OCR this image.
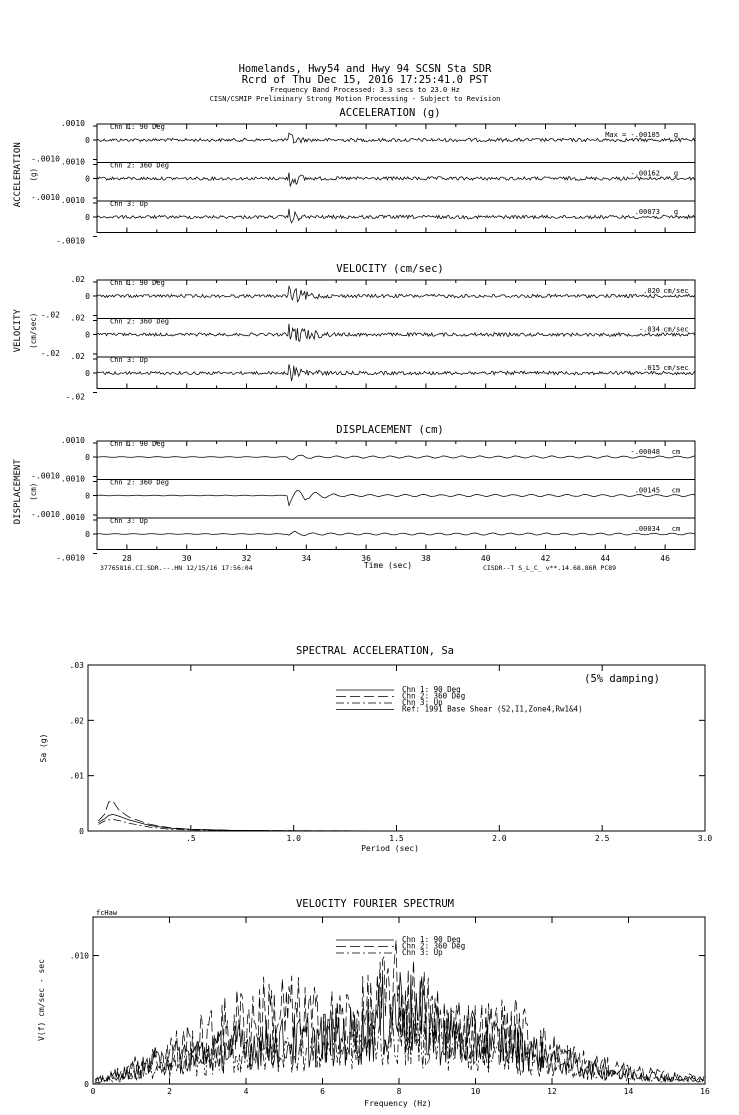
Homelands, Hwy54 and Hwy 94 SCSN Sta SDR
Rcrd of Thu Dec 15, 2016 17:25:41.0 PST
Frequency Band Processed: 3.3 secs to 23.0 Hz
CISN/CSMIP Preliminary Strong Motion Processing - Subject to Revision
ACCELERATION (g)
ACCELERATION (g)
.0010
0
-.0010
Chn 1: 90 Deg
Max = -.00105 g
.0010
0
-.0010
Chn 2: 360 Deg
-.00162 g
.0010
0
-.0010
Chn 3: Up
.00073 g
VELOCITY (cm/sec)
VELOCITY (cm/sec)
.02
0
-.02
Chn 1: 90 Deg
.020 cm/sec
.02
0
-.02
Chn 2: 360 Deg
-.034 cm/sec
.02
0
-.02
Chn 3: Up
.015 cm/sec
DISPLACEMENT (cm)
DISPLACEMENT (cm)
.0010
0
-.0010
Chn 1: 90 Deg
-.00048 cm
.0010
0
-.0010
Chn 2: 360 Deg
.00145 cm
.0010
0
-.0010
Chn 3: Up
.00034 cm
28	30	32	34	36	38	40	42	44	46
Time (sec)
37765816.CI.SDR.--.HN 12/15/16 17:56:04	CISDR--T S_L_C_ v**.14.68.86R PC89
SPECTRAL ACCELERATION, Sa
(5% damping)
Sa (g)
Period (sec)
.5	1.0	1.5	2.0	2.5	3.0
0
.01
.02
.03
Chn 1: 90 Deg
Chn 2: 360 Deg
Chn 3: Up
Ref: 1991 Base Shear (S2,I1,Zone4,Rw1&4)
VELOCITY FOURIER SPECTRUM
fcHaw
V(f) cm/sec - sec
Frequency (Hz)
0	2	4	6	8	10	12	14	16
0
.010
Chn 1: 90 Deg
Chn 2: 360 Deg
Chn 3: Up
